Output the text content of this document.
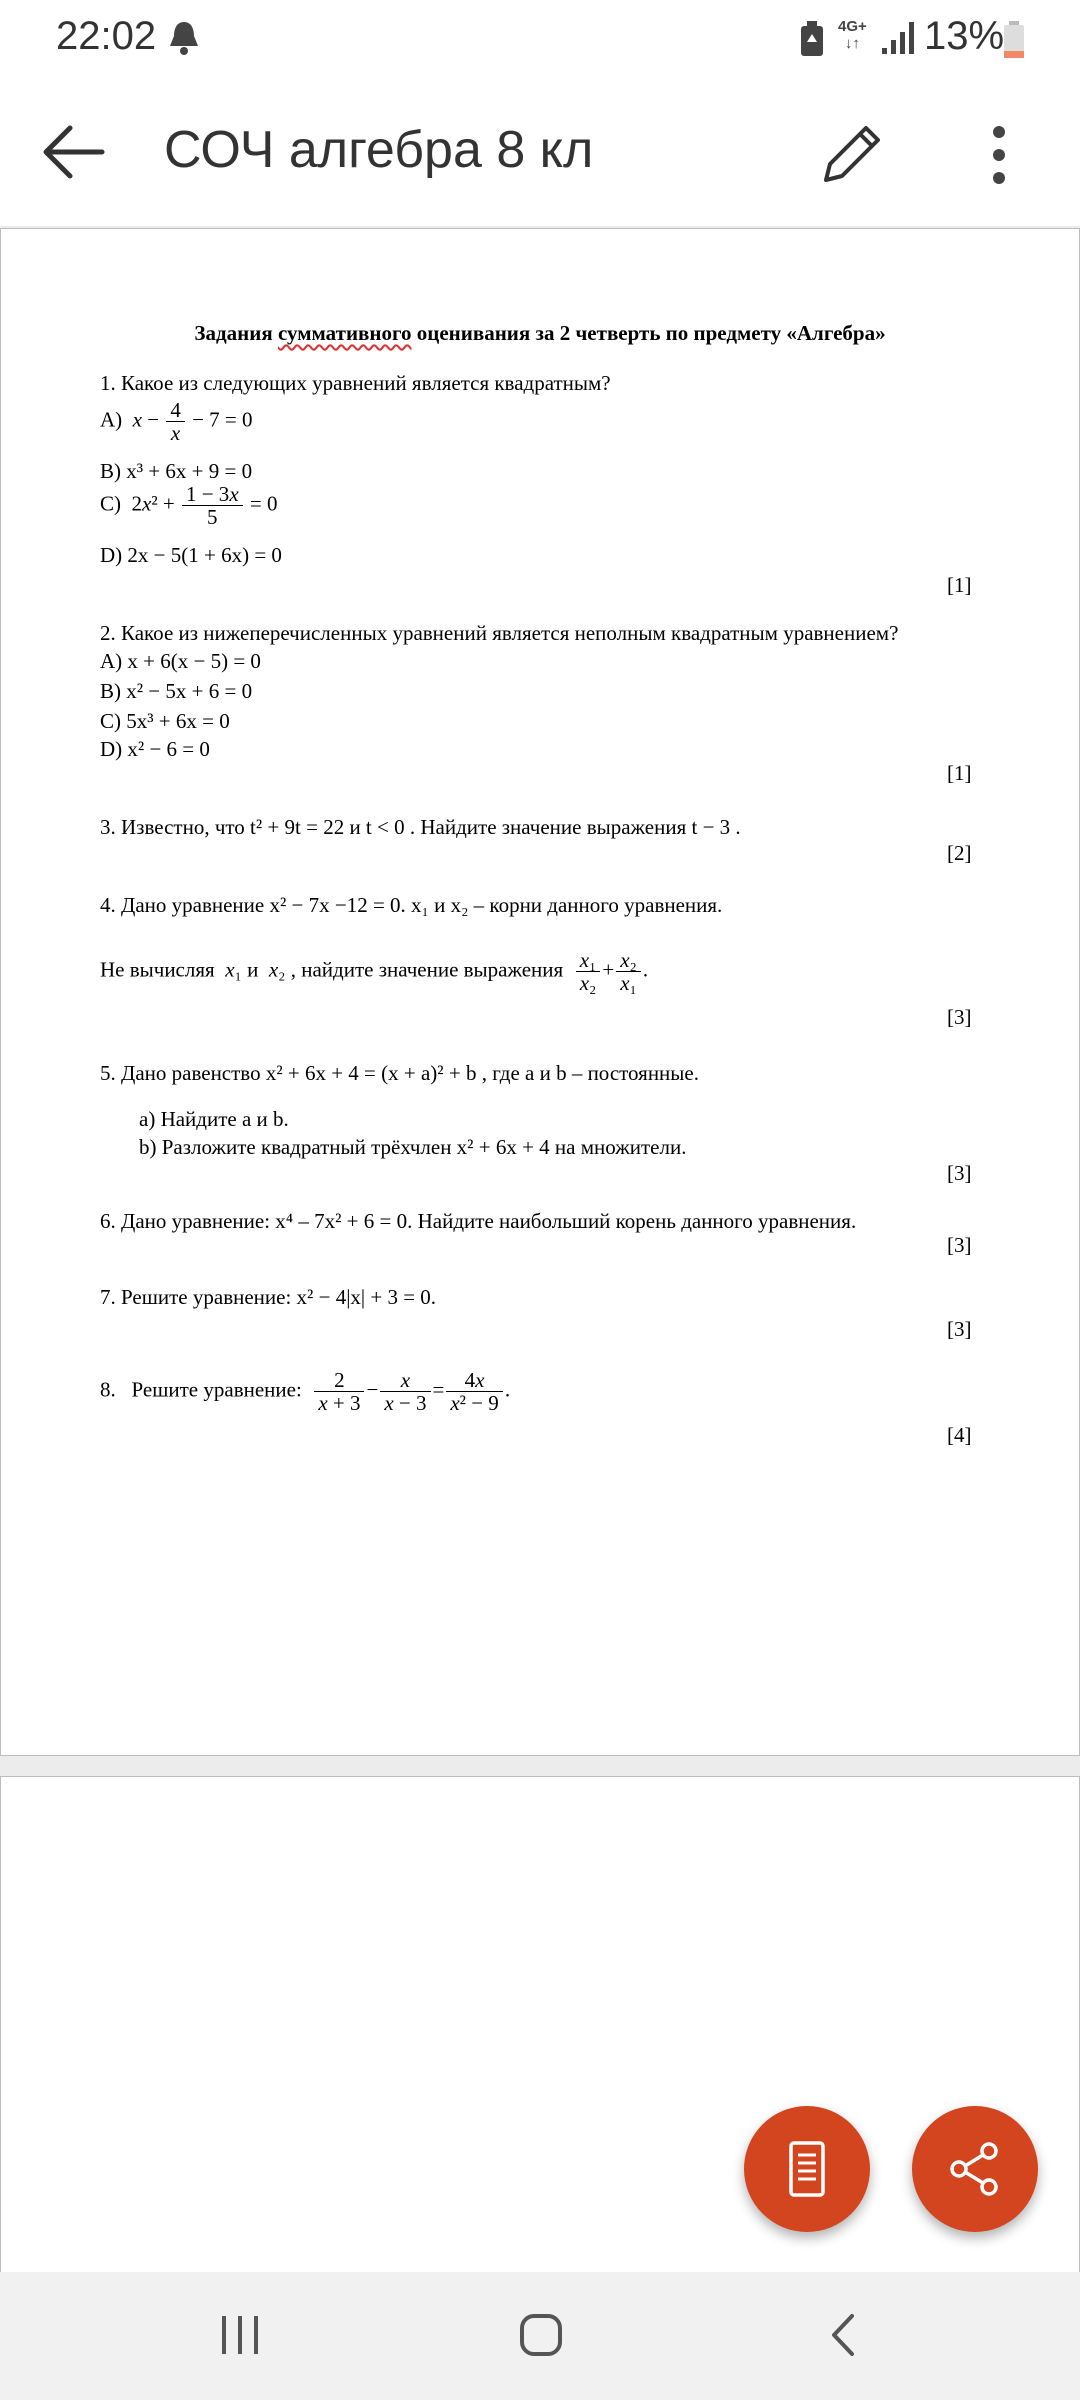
22:02	4G+
↓↑ 13%
СОЧ алгебра 8 кл
Задания суммативного оценивания за 2 четверть по предмету «Алгебра»
1. Какое из следующих уравнений является квадратным?
A)  $x - \frac{4}{x} - 7 = 0$
B) x³ + 6x + 9 = 0
C)  $2x^2 + \frac{1 - 3x}{5} = 0$
D) 2x − 5(1 + 6x) = 0
[1]
2. Какое из нижеперечисленных уравнений является неполным квадратным уравнением?
A) x + 6(x − 5) = 0
B) x² − 5x + 6 = 0
C) 5x³ + 6x = 0
D) x² − 6 = 0
[1]
3. Известно, что t² + 9t = 22 и t < 0 . Найдите значение выражения t − 3 .
[2]
4. Дано уравнение x² − 7x −12 = 0. x₁ и x₂ – корни данного уравнения.
Не вычисляя  x₁ и  x₂ , найдите значение выражения $\frac{\text{x₁}}{\text{x₂}} + \frac{\text{x₂}}{\text{x₁}}$ .
[3]
5. Дано равенство x² + 6x + 4 = (x + a)² + b , где a и b – постоянные.
a) Найдите a и b.
b) Разложите квадратный трёхчлен x² + 6x + 4 на множители.
[3]
6. Дано уравнение: x⁴ – 7x² + 6 = 0. Найдите наибольший корень данного уравнения.
[3]
7. Решите уравнение: x² − 4|x| + 3 = 0.
[3]
8.   Решите уравнение: $\frac{2}{x + 3} - \frac{x}{x - 3} = \frac{4x}{\text{x² − 9}}$ .
[4]
